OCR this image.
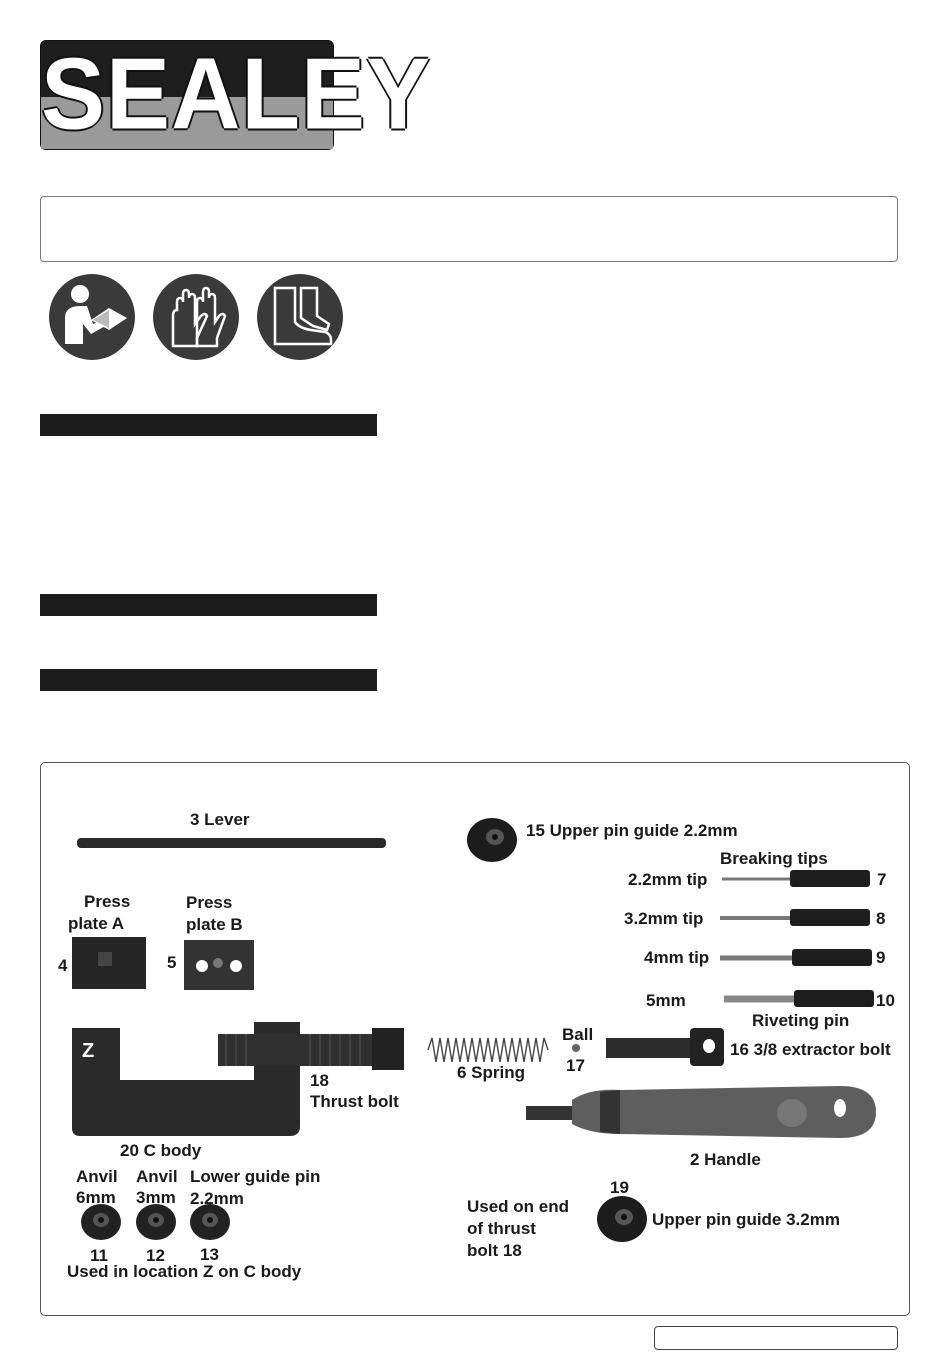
SEALEY
3 Lever
15 Upper pin guide 2.2mm
Breaking tips
2.2mm tip	7
3.2mm tip	8
4mm tip	9
5mm	10
Riveting pin
Press
plate A
4
Press
plate B
5
Z
18
Thrust bolt
20 C body
6 Spring
Ball
17
16 3/8 extractor bolt
2 Handle
Anvil
6mm
11
Anvil
3mm
12
Lower guide pin
2.2mm
13
Used in location Z on C body
Used on end
of thrust
bolt 18
19
Upper pin guide 3.2mm
